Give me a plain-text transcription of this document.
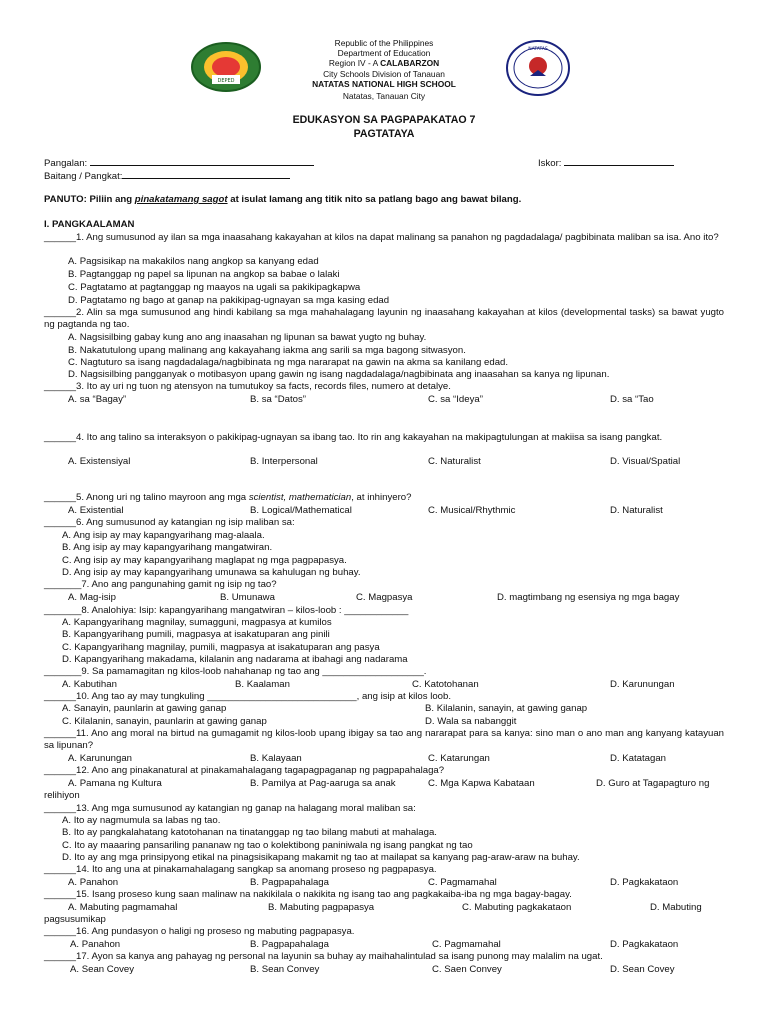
DEPED
NATATAS
Republic of the Philippines
Department of Education
Region IV - A CALABARZON
City Schools Division of Tanauan
NATATAS NATIONAL HIGH SCHOOL
Natatas, Tanauan City
EDUKASYON SA PAGPAPAKATAO 7
PAGTATAYA
Pangalan:	Iskor:
Baitang / Pangkat:
PANUTO: Piliin ang pinakatamang sagot at isulat lamang ang titik nito sa patlang bago ang bawat bilang.
I. PANGKAALAMAN
______1. Ang sumusunod ay ilan sa mga inaasahang kakayahan at kilos na dapat malinang sa panahon ng pagdadalaga/ pagbibinata maliban sa isa. Ano ito?
A. Pagsisikap na makakilos nang angkop sa kanyang edad
B. Pagtanggap ng papel sa lipunan na angkop sa babae o lalaki
C. Pagtatamo at pagtanggap ng maayos na ugali sa pakikipagkapwa
D. Pagtatamo ng bago at ganap na pakikipag-ugnayan sa mga kasing edad
______2. Alin sa mga sumusunod ang hindi kabilang sa mga mahahalagang layunin ng inaasahang kakayahan at kilos (developmental tasks) sa bawat yugto ng pagtanda ng tao.
A. Nagsisilbing gabay kung ano ang inaasahan ng lipunan sa bawat yugto ng buhay.
B. Nakatutulong upang malinang ang kakayahang iakma ang sarili sa mga bagong sitwasyon.
C. Nagtuturo sa isang nagdadalaga/nagbibinata ng mga nararapat na gawin na akma sa kanilang edad.
D. Nagsisilbing pangganyak o motibasyon upang gawin ng isang nagdadalaga/nagbibinata ang inaasahan sa kanya ng lipunan.
______3. Ito ay uri ng tuon ng atensyon na tumutukoy sa facts, records files, numero at detalye.
A. sa “Bagay”	B. sa “Datos”	C. sa “Ideya”	D. sa “Tao
______4. Ito ang talino sa interaksyon o pakikipag-ugnayan sa ibang tao. Ito rin ang kakayahan na makipagtulungan at makiisa sa isang pangkat.
A. Existensiyal	B. Interpersonal	C. Naturalist	D. Visual/Spatial
______5. Anong uri ng talino mayroon ang mga scientist, mathematician, at inhinyero?
A. Existential	B. Logical/Mathematical	C. Musical/Rhythmic	D. Naturalist
______6. Ang sumusunod ay katangian ng isip maliban sa:
A. Ang isip ay may kapangyarihang mag-alaala.
B. Ang isip ay may kapangyarihang mangatwiran.
C. Ang isip ay may kapangyarihang maglapat ng mga pagpapasya.
D. Ang isip ay may kapangyarihang umunawa sa kahulugan ng buhay.
_______7. Ano ang pangunahing gamit ng isip ng tao?
A. Mag-isip	B. Umunawa	C. Magpasya	D. magtimbang ng esensiya ng mga bagay
_______8. Analohiya: Isip: kapangyarihang mangatwiran – kilos-loob : ____________
A. Kapangyarihang magnilay, sumagguni, magpasya at kumilos
B. Kapangyarihang pumili, magpasya at isakatuparan ang pinili
C. Kapangyarihang magnilay, pumili, magpasya at isakatuparan ang pasya
D. Kapangyarihang makadama, kilalanin ang nadarama at ibahagi ang nadarama
_______9. Sa pamamagitan ng kilos-loob nahahanap ng tao ang ___________________.
A. Kabutihan	B. Kaalaman	C. Katotohanan	D. Karunungan
______10. Ang tao ay may tungkuling ____________________________, ang isip at kilos loob.
A. Sanayin, paunlarin at gawing ganap	B. Kilalanin, sanayin, at gawing ganap
C. Kilalanin, sanayin, paunlarin at gawing ganap	D. Wala sa nabanggit
______11. Ano ang moral na birtud na gumagamit ng kilos-loob upang ibigay sa tao ang nararapat para sa kanya: sino man o ano man ang kanyang katayuan sa lipunan?
A. Karunungan	B. Kalayaan	C. Katarungan	D. Katatagan
______12. Ano ang pinakanatural at pinakamahalagang tagapagpaganap ng pagpapahalaga?
A. Pamana ng Kultura	B. Pamilya at Pag-aaruga sa anak	C. Mga Kapwa Kabataan	D. Guro at Tagapagturo ng
relihiyon
______13. Ang mga sumusunod ay katangian ng ganap na halagang moral maliban sa:
A. Ito ay nagmumula sa labas ng tao.
B. Ito ay pangkalahatang katotohanan na tinatanggap ng tao bilang mabuti at mahalaga.
C. Ito ay maaaring pansariling pananaw ng tao o kolektibong paniniwala ng isang pangkat ng tao
D. Ito ay ang mga prinsipyong etikal na pinagsisikapang makamit ng tao at mailapat sa kanyang pag-araw-araw na buhay.
______14. Ito ang una at pinakamahalagang sangkap sa anomang proseso ng pagpapasya.
A. Panahon	B. Pagpapahalaga	C. Pagmamahal	D. Pagkakataon
______15. Isang proseso kung saan malinaw na nakikilala o nakikita ng isang tao ang pagkakaiba-iba ng mga bagay-bagay.
A. Mabuting pagmamahal	B. Mabuting pagpapasya	C. Mabuting pagkakataon	D. Mabuting
pagsusumikap
______16. Ang pundasyon o haligi ng proseso ng mabuting pagpapasya.
A. Panahon	B. Pagpapahalaga	C. Pagmamahal	D. Pagkakataon
______17. Ayon sa kanya ang pahayag ng personal na layunin sa buhay ay maihahalintulad sa isang punong may malalim na ugat.
A. Sean Covey	B. Sean Convey	C. Saen Convey	D. Sean Covey
